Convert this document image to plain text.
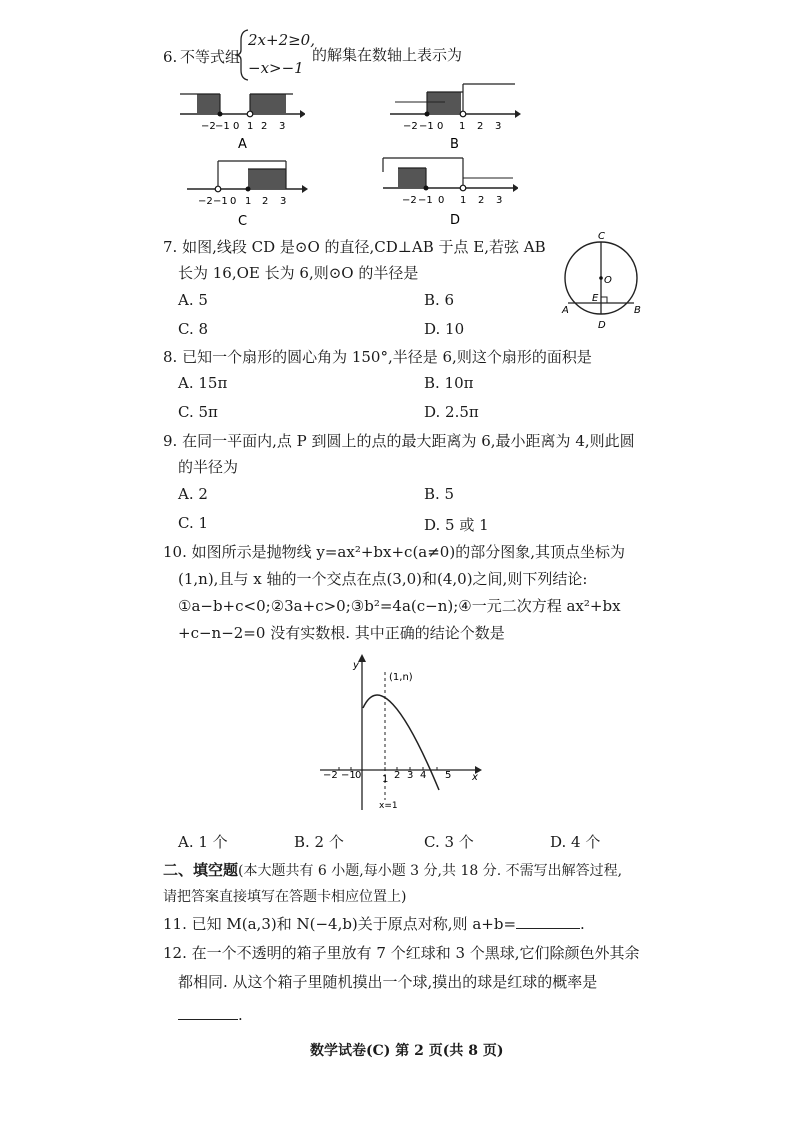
6. 不等式组
2x+2≥0,
−x>−1
的解集在数轴上表示为
−2 −1 0 1 2 3
A
−2 −1 0 1 2 3
B
−2 −1 0 1 2 3
C
−2 −1 0 1 2 3
D
7. 如图,线段 CD 是⊙O 的直径,CD⊥AB 于点 E,若弦 AB
长为 16,OE 长为 6,则⊙O 的半径是
A. 5	B. 6
C. 8	D. 10
C
O
E
A	B
D
8. 已知一个扇形的圆心角为 150°,半径是 6,则这个扇形的面积是
A. 15π	B. 10π
C. 5π	D. 2.5π
9. 在同一平面内,点 P 到圆上的点的最大距离为 6,最小距离为 4,则此圆
的半径为
A. 2	B. 5
C. 1	D. 5 或 1
10. 如图所示是抛物线 y=ax²+bx+c(a≠0)的部分图象,其顶点坐标为
(1,n),且与 x 轴的一个交点在点(3,0)和(4,0)之间,则下列结论:
①a−b+c<0;②3a+c>0;③b²=4a(c−n);④一元二次方程 ax²+bx
+c−n−2=0 没有实数根. 其中正确的结论个数是
y
x
(1,n)
x=1
−2 −1 0 1 2 3 4 5
A. 1 个	B. 2 个	C. 3 个	D. 4 个
二、填空题(本大题共有 6 小题,每小题 3 分,共 18 分. 不需写出解答过程,
请把答案直接填写在答题卡相应位置上)
11. 已知 M(a,3)和 N(−4,b)关于原点对称,则 a+b=	.
12. 在一个不透明的箱子里放有 7 个红球和 3 个黑球,它们除颜色外其余
都相同. 从这个箱子里随机摸出一个球,摸出的球是红球的概率是
.
数学试卷(C) 第 2 页(共 8 页)
